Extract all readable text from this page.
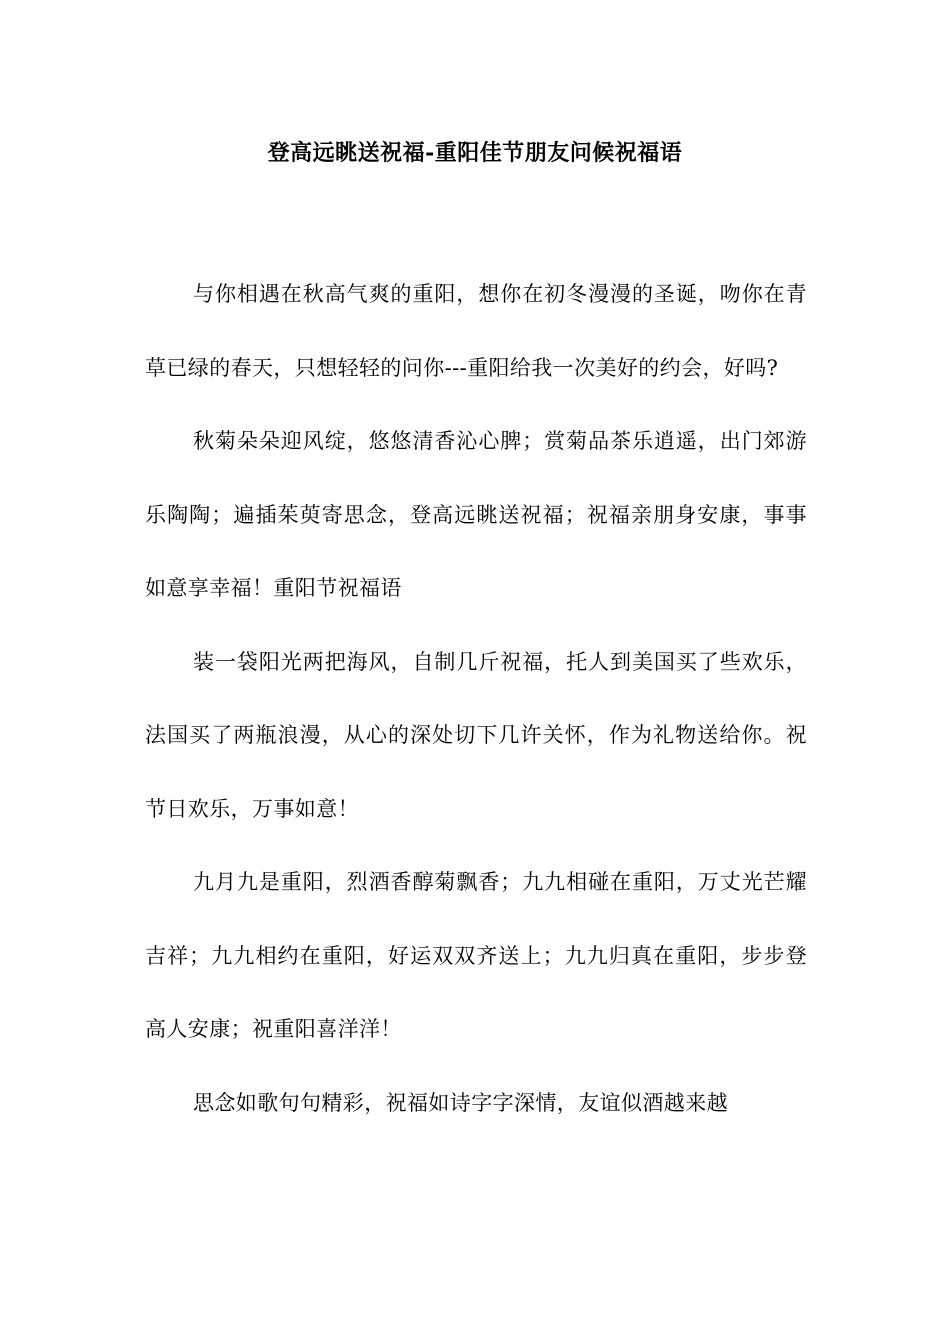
登高远眺送祝福-重阳佳节朋友问候祝福语

与你相遇在秋高气爽的重阳，想你在初冬漫漫的圣诞，吻你在青草已绿的春天，只想轻轻的问你---重阳给我一次美好的约会，好吗?

秋菊朵朵迎风绽，悠悠清香沁心脾；赏菊品茶乐逍遥，出门郊游乐陶陶；遍插茱萸寄思念，登高远眺送祝福；祝福亲朋身安康，事事如意享幸福！重阳节祝福语

装一袋阳光两把海风，自制几斤祝福，托人到美国买了些欢乐，法国买了两瓶浪漫，从心的深处切下几许关怀，作为礼物送给你。祝节日欢乐，万事如意！

九月九是重阳，烈酒香醇菊飘香；九九相碰在重阳，万丈光芒耀吉祥；九九相约在重阳，好运双双齐送上；九九归真在重阳，步步登高人安康；祝重阳喜洋洋！

思念如歌句句精彩，祝福如诗字字深情，友谊似酒越来越
